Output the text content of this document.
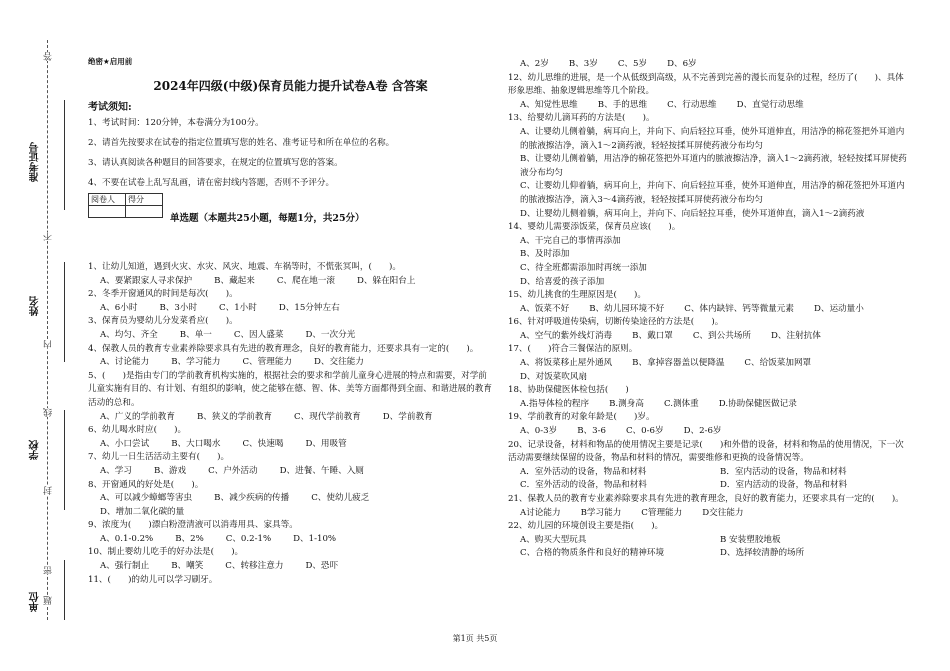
答
不
内
线
封
密
题
准考证号
姓名
学校
单位
绝密★启用前
2024年四级(中级)保育员能力提升试卷A卷 含答案
考试须知:
1、考试时间：120分钟，本卷满分为100分。
2、请首先按要求在试卷的指定位置填写您的姓名、准考证号和所在单位的名称。
3、请认真阅读各种题目的回答要求，在规定的位置填写您的答案。
4、不要在试卷上乱写乱画，请在密封线内答题，否则不予评分。
阅卷人	得分

单选题（本题共25小题，每题1分，共25分）
1、让幼儿知道，遇到火灾、水灾、风灾、地震、车祸等时，不慌张冥叫，(　　)。
A、要紧跟家人寻求保护	B、藏起来	C、爬在地一滚	D、躲在阳台上
2、冬季开窗通风的时间是每次(　　)。
A、6小时	B、3小时	C、1小时	D、15分钟左右
3、保育员为婴幼儿分发菜肴应(　　)。
A、均匀、齐全	B、单一	C、因人盛菜	D、一次分光
4、保教人员的教育专业素养除要求具有先进的教育理念，良好的教育能力，还要求具有一定的(　　)。
A、讨论能力	B、学习能力	C、管理能力	D、交往能力
5、(　　)是指由专门的学前教育机构实施的，根据社会的要求和学前儿童身心进展的特点和需要，对学前儿童实施有目的、有计划、有组织的影响，使之能够在德、智、体、美等方面都得到全面、和谐进展的教育活动的总和。
A、广义的学前教育	B、狭义的学前教育	C、现代学前教育	D、学前教育
6、幼儿喝水时应(　　)。
A、小口尝试	B、大口喝水	C、快速喝	D、用吸管
7、幼儿一日生活活动主要有(　　)。
A、学习	B、游戏	C、户外活动	D、进餐、午睡、入厕
8、开窗通风的好处是(　　)。
A、可以减少蟑螂等害虫	B、减少疾病的传播	C、使幼儿疲乏D、增加二氧化碳的量
9、浓度为(　　)漂白粉澄清液可以消毒用具、家具等。
A、0.1-0.2%	B、2%	C、0.2-1%	D、1-10%
10、制止婴幼儿吃手的好办法是(　　)。
A、强行制止	B、嘲笑	C、转移注意力	D、恐吓
11、(　　)的幼儿可以学习刷牙。
A、2岁 B、3岁 C、5岁 D、6岁
12、幼儿思维的进展，是一个从低级到高级，从不完善到完善的漫长而复杂的过程，经历了(　　)、具体形象思维、抽象逻辑思维等几个阶段。
A、知觉性思维 B、手的思维 C、行动思维 D、直觉行动思维
13、给婴幼儿滴耳药的方法是(　　)。
A、让婴幼儿侧着躺，病耳向上，并向下、向后轻拉耳垂，使外耳道伸直，用洁净的棉花签把外耳道内的脓液擦洁净，滴入1～2滴药液，轻轻按揉耳屏使药液分布均匀
B、让婴幼儿侧着躺，用洁净的棉花签把外耳道内的脓液擦洁净，滴入1～2滴药液，轻轻按揉耳屏使药液分布均匀
C、让婴幼儿仰着躺，病耳向上，并向下、向后轻拉耳垂，使外耳道伸直，用洁净的棉花签把外耳道内的脓液擦洁净，滴入3～4滴药液，轻轻按揉耳屏使药液分布均匀
D、让婴幼儿侧着躺，病耳向上，并向下、向后轻拉耳垂，使外耳道伸直，滴入1～2滴药液
14、婴幼儿需要添饭菜，保育员应该(　　)。
A、干完自己的事情再添加
B、及时添加
C、待全班都需添加时再统一添加
D、给喜爱的孩子添加
15、幼儿挑食的生理原因是(　　)。
A、饭菜不好 B、幼儿园环境不好 C、体内缺锌、钙等微量元素 D、运动量小
16、针对呼吸道传染病，切断传染途径的方法是(　　)。
A、空气的紫外线灯消毒 B、戴口罩 C、到公共场所 D、注射抗体
17、(　　)符合三餐保洁的原则。
A、将饭菜移止屋外通风 B、拿掉容器盖以便降温 C、给饭菜加网罩D、对饭菜吹风扇
18、协助保健医体检包括(　　)
A.指导体检的程序 B.测身高 C.测体重 D.协助保健医做记录
19、学前教育的对象年龄是(　　)岁。
A、0-3岁 B、3-6 C、0-6岁 D、2-6岁
20、记录设备，材料和物品的使用情况主要是记录(　　)和外借的设备，材料和物品的使用情况，下一次活动需要继续保留的设备，物品和材料的情况，需要维修和更换的设备情况等。
A．室外活动的设备，物品和材料	B．室内活动的设备，物品和材料
C．室外活动的设备，物品和材料	D．室内活动的设备，物品和材料
21、保教人员的教育专业素养除要求具有先进的教育理念，良好的教育能力，还要求具有一定的(　　)。
A讨论能力 B学习能力 C管理能力 D交往能力
22、幼儿园的环境创设主要是指(　　)。
A、购买大型玩具	B 安装塑胶地板
C、合格的物质条件和良好的精神环境	D、选择较清静的场所
第1页 共5页
